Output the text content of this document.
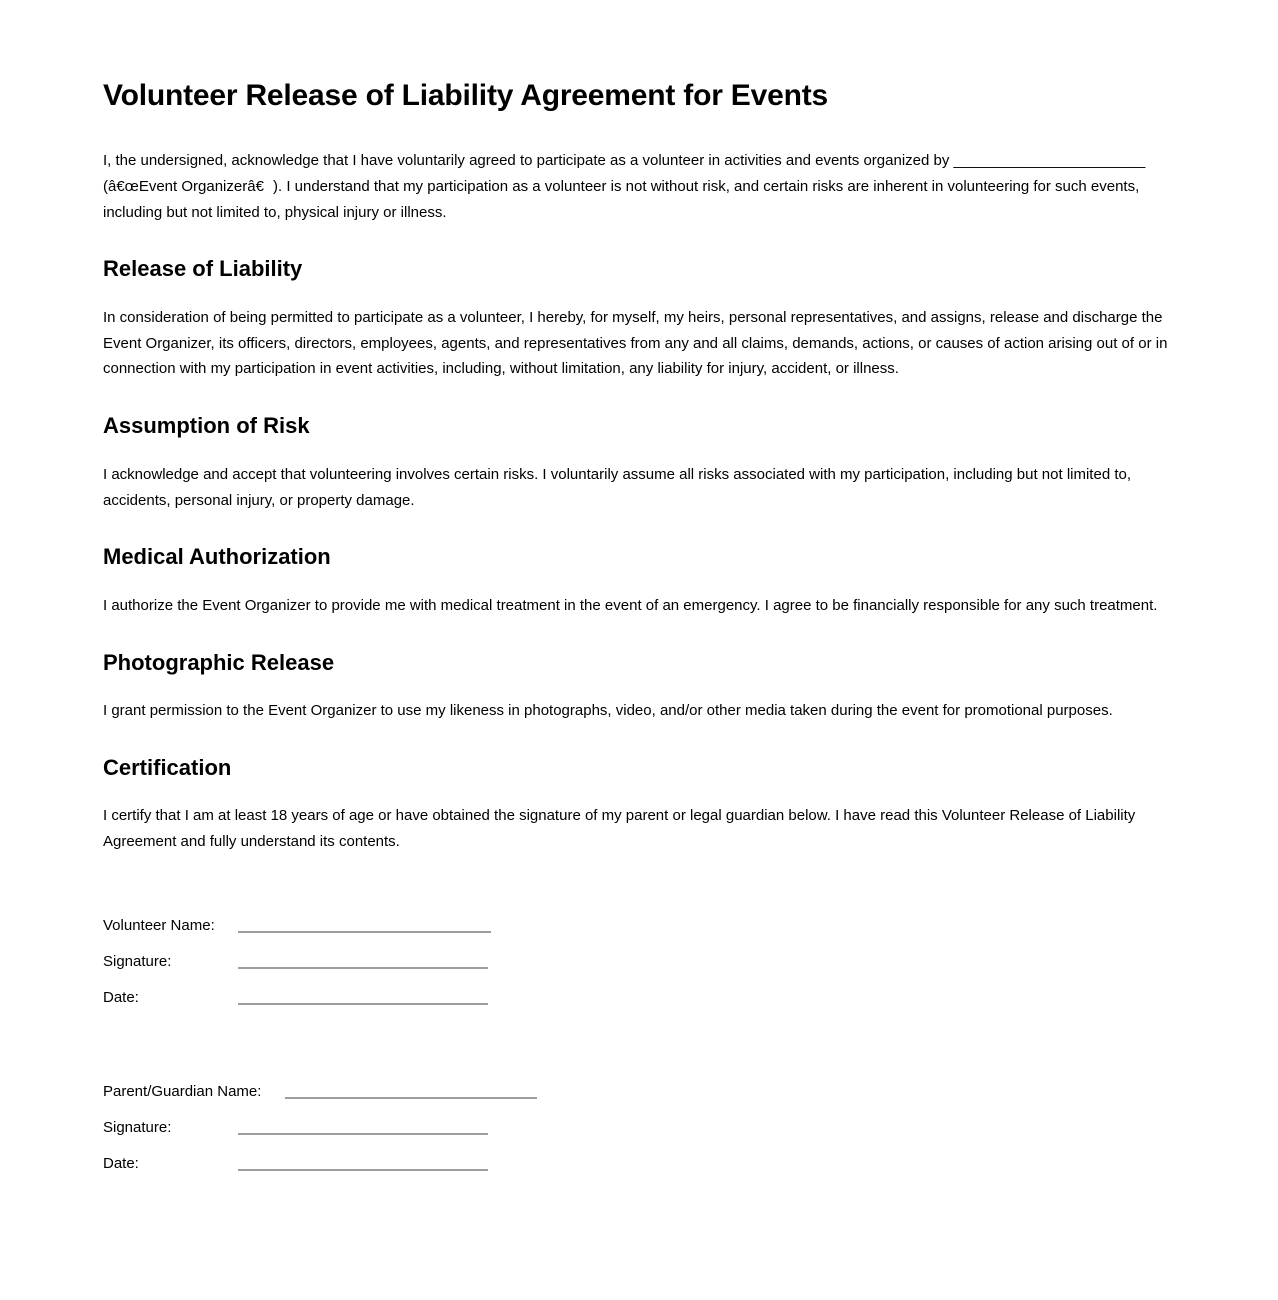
Volunteer Release of Liability Agreement for Events

I, the undersigned, acknowledge that I have voluntarily agreed to participate as a volunteer in activities and events organized by _______________________ (â€œEvent Organizerâ€). I understand that my participation as a volunteer is not without risk, and certain risks are inherent in volunteering for such events, including but not limited to, physical injury or illness.

Release of Liability

In consideration of being permitted to participate as a volunteer, I hereby, for myself, my heirs, personal representatives, and assigns, release and discharge the Event Organizer, its officers, directors, employees, agents, and representatives from any and all claims, demands, actions, or causes of action arising out of or in connection with my participation in event activities, including, without limitation, any liability for injury, accident, or illness.

Assumption of Risk

I acknowledge and accept that volunteering involves certain risks. I voluntarily assume all risks associated with my participation, including but not limited to, accidents, personal injury, or property damage.

Medical Authorization

I authorize the Event Organizer to provide me with medical treatment in the event of an emergency. I agree to be financially responsible for any such treatment.

Photographic Release

I grant permission to the Event Organizer to use my likeness in photographs, video, and/or other media taken during the event for promotional purposes.

Certification

I certify that I am at least 18 years of age or have obtained the signature of my parent or legal guardian below. I have read this Volunteer Release of Liability Agreement and fully understand its contents.

Volunteer Name:
Signature:
Date:
Parent/Guardian Name:
Signature:
Date:
